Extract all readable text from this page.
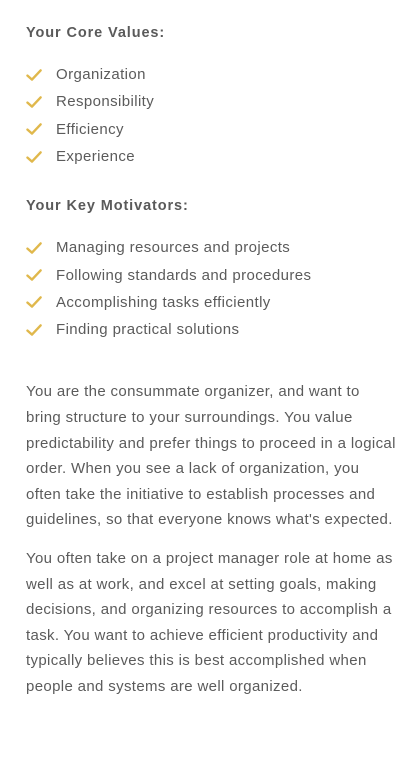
Your Core Values:
Organization
Responsibility
Efficiency
Experience
Your Key Motivators:
Managing resources and projects
Following standards and procedures
Accomplishing tasks efficiently
Finding practical solutions

You are the consummate organizer, and want to bring structure to your surroundings. You value predictability and prefer things to proceed in a logical order. When you see a lack of organization, you often take the initiative to establish processes and guidelines, so that everyone knows what's expected.

You often take on a project manager role at home as well as at work, and excel at setting goals, making decisions, and organizing resources to accomplish a task. You want to achieve efficient productivity and typically believes this is best accomplished when people and systems are well organized.
